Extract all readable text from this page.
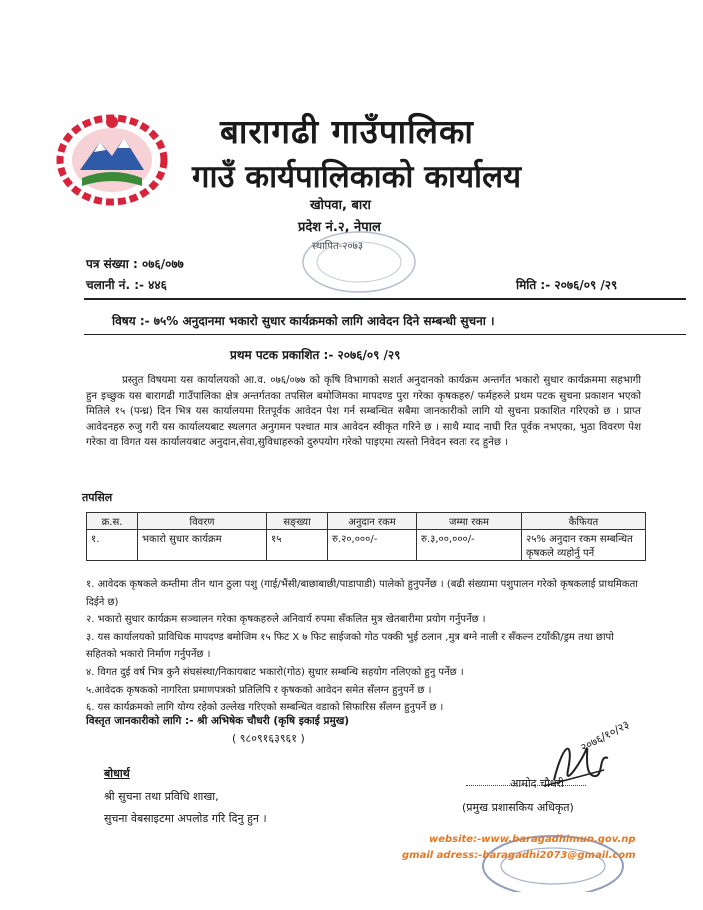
बारागढी गाउँपालिका
गाउँ कार्यपालिकाको कार्यालय
खोपवा, बारा
प्रदेश नं.२, नेपाल
स्थापित-२०७३
पत्र संख्या : ०७६/०७७
चलानी नं. :- ४४६	मिति :- २०७६/०९ /२९
विषय :- ७५% अनुदानमा भकारो सुधार कार्यक्रमको लागि आवेदन दिने सम्बन्धी सुचना ।
प्रथम पटक प्रकाशित :- २०७६/०९ /२९
प्रस्तुत विषयमा यस कार्यालयको आ.व. ०७६/०७७ को कृषि विभागको सशर्त अनुदानको कार्यक्रम अन्तर्गत भकारो सुधार कार्यक्रममा सहभागी हुन इच्छुक यस बारागढी गाउँपालिका क्षेत्र अन्तर्गतका तपसिल बमोजिमका मापदण्ड पुरा गरेका कृषकहरु/ फर्महरुले प्रथम पटक सुचना प्रकाशन भएको मितिले १५ (पन्ध्र) दिन भित्र यस कार्यालयमा रितपूर्वक आवेदन पेश गर्न सम्बन्धित सबैमा जानकारीको लागि यो सुचना प्रकाशित गरिएको छ । प्राप्त आवेदनहरु रुजु गरी यस कार्यालयबाट स्थलगत अनुगमन पश्चात मात्र आवेदन स्वीकृत गरिने छ । साथै म्याद नाघी रित पूर्वक नभएका, भुठा विवरण पेश गरेका वा विगत यस कार्यालयबाट अनुदान,सेवा,सुविधाहरुको दुरुपयोग गरेको पाइएमा त्यस्तो निवेदन स्वतः रद हुनेछ ।
तपसिल
क्र.स.	विवरण	सङ्ख्या	अनुदान रकम	जम्मा रकम	कैफियत
१.	भकारो सुधार कार्यक्रम	१५	रु.२०,०००/-	रु.३,००,०००/-	२५% अनुदान रकम सम्बन्धित कृषकले व्यहोर्नु पर्ने
१. आवेदक कृषकले कम्तीमा तीन थान ठुला पशु (गाई/भैंसी/बाछाबाछी/पाडापाडी) पालेको हुनुपर्नेछ । (बढी संख्यामा पशुपालन गरेको कृषकलाई प्राथमिकता दिईने छ)
२. भकारो सुधार कार्यक्रम सञ्चालन गरेका कृषकहरुले अनिवार्य रुपमा सँकलित मुत्र खेतबारीमा प्रयोग गर्नुपर्नेछ ।
३. यस कार्यालयको प्राविधिक मापदण्ड बमोजिम १५ फिट X ७ फिट साईजको गोठ पक्की भुई ठलान ,मुत्र बग्ने नाली र सँकल्न टयाँकी/ड्रम तथा छापो सहितको भकारो निर्माण गर्नुपर्नेछ ।
४. विगत दुई वर्ष भित्र कुनै संघसंस्था/निकायबाट भकारो(गोठ) सुधार सम्बन्धि सहयोग नलिएको हुनु पर्नेछ ।
५.आवेदक कृषकको नागरिता प्रमाणपत्रको प्रतिलिपि र कृषकको आवेदन समेत सँलग्न हुनुपर्ने छ ।
६. यस कार्यक्रमको लागि योग्य रहेको उल्लेख गरिएको सम्बन्धित वडाको सिफारिस सँलग्न हुनुपर्ने छ ।
विस्तृत जानकारीको लागि :- श्री अभिषेक चौधरी (कृषि इकाई प्रमुख)
( ९८०९१६३९६१ )
बोधार्थ
श्री सुचना तथा प्रविधि शाखा,
सुचना वेबसाइटमा अपलोड गरि दिनु हुन ।
२०७६/१०/२३
आमोद चौधरी
(प्रमुख प्रशासकिय अधिकृत)
website:-www.baragadhimun.gov.np
gmail adress:-baragadhi2073@gmail.com
